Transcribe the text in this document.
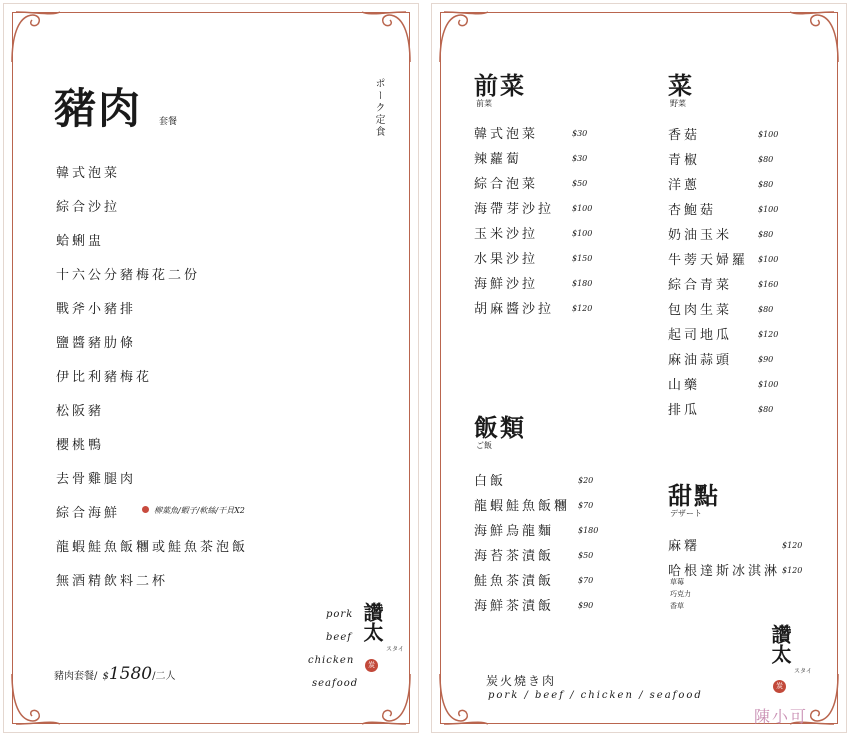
豬肉 套餐	ポーク定食
韓式泡菜
綜合沙拉
蛤蜊盅
十六公分豬梅花二份
戰斧小豬排
鹽醬豬肋條
伊比利豬梅花
松阪豬
櫻桃鴨
去骨雞腿肉
綜合海鮮	柳葉魚/蝦子/軟絲/干貝X2
龍蝦鮭魚飯糰或鮭魚茶泡飯
無酒精飲料二杯
豬肉套餐/ $1580/二人
pork
beef
chicken
seafood
讚太
スタイ
炭
前菜
前菜
韓式泡菜	$30
辣蘿蔔	$30
綜合泡菜	$50
海帶芽沙拉 $100
玉米沙拉	$100
水果沙拉	$150
海鮮沙拉	$180
胡麻醬沙拉 $120
菜
野菜
香菇	$100
青椒	$80
洋蔥	$80
杏鮑菇	$100
奶油玉米	$80
牛蒡天婦羅 $100
綜合青菜	$160
包肉生菜	$80
起司地瓜	$120
麻油蒜頭	$90
山藥	$100
排瓜	$80
飯類
ご飯
白飯	$20
龍蝦鮭魚飯糰 $70
海鮮烏龍麵	$180
海苔茶漬飯	$50
鮭魚茶漬飯	$70
海鮮茶漬飯	$90
甜點
デザート
麻糬	$120
哈根達斯冰淇淋 $120
草莓
巧克力
香草
炭火燒き肉
pork / beef / chicken / seafood
讚太
スタイ
炭
陳小可
